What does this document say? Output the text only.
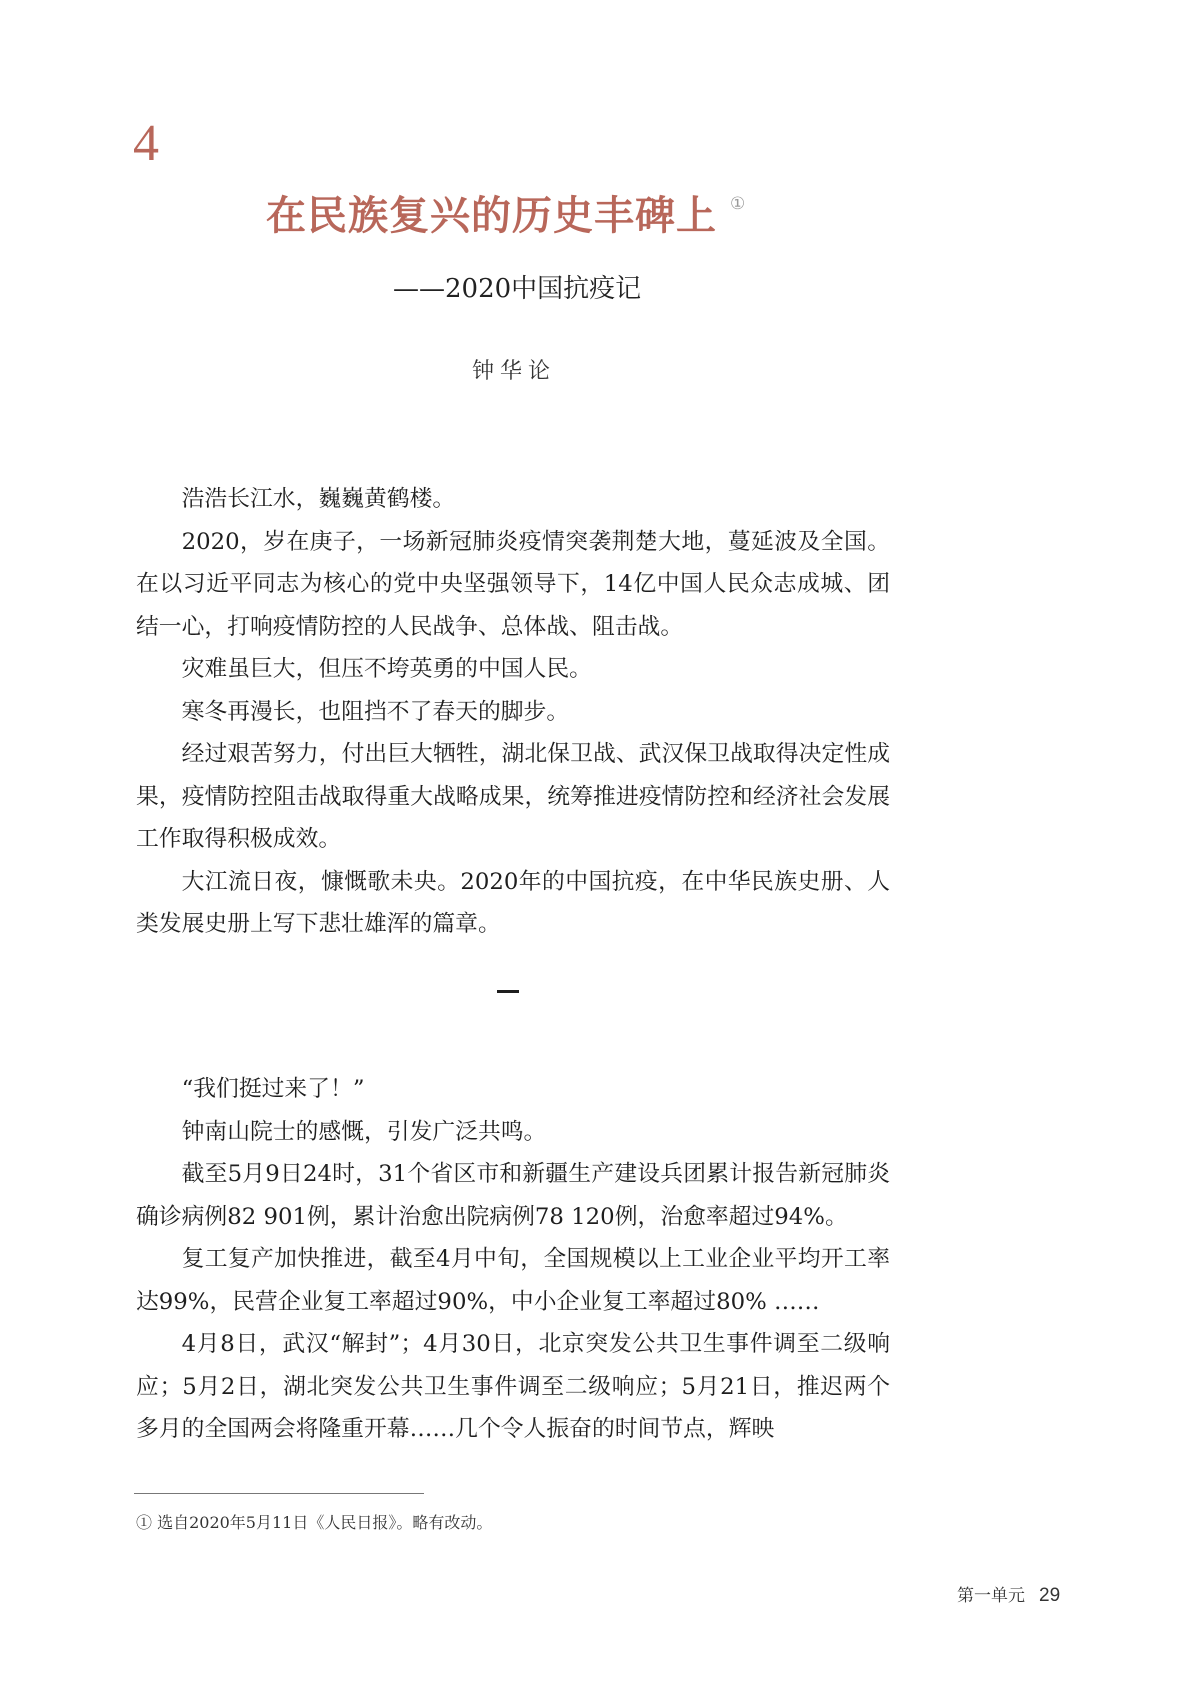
4
在民族复兴的历史丰碑上 ①
——2020中国抗疫记
钟华论

浩浩长江水，巍巍黄鹤楼。

2020，岁在庚子，一场新冠肺炎疫情突袭荆楚大地，蔓延波及全国。在以习近平同志为核心的党中央坚强领导下，14亿中国人民众志成城、团结一心，打响疫情防控的人民战争、总体战、阻击战。

灾难虽巨大，但压不垮英勇的中国人民。

寒冬再漫长，也阻挡不了春天的脚步。

经过艰苦努力，付出巨大牺牲，湖北保卫战、武汉保卫战取得决定性成果，疫情防控阻击战取得重大战略成果，统筹推进疫情防控和经济社会发展工作取得积极成效。

大江流日夜，慷慨歌未央。2020年的中国抗疫，在中华民族史册、人类发展史册上写下悲壮雄浑的篇章。

“我们挺过来了！”

钟南山院士的感慨，引发广泛共鸣。

截至5月9日24时，31个省区市和新疆生产建设兵团累计报告新冠肺炎确诊病例82 901例，累计治愈出院病例78 120例，治愈率超过94%。

复工复产加快推进，截至4月中旬，全国规模以上工业企业平均开工率达99%，民营企业复工率超过90%，中小企业复工率超过80% ……

4月8日，武汉“解封”；4月30日，北京突发公共卫生事件调至二级响应；5月2日，湖北突发公共卫生事件调至二级响应；5月21日，推迟两个多月的全国两会将隆重开幕……几个令人振奋的时间节点，辉映

① 选自2020年5月11日《人民日报》。略有改动。
第一单元 29
